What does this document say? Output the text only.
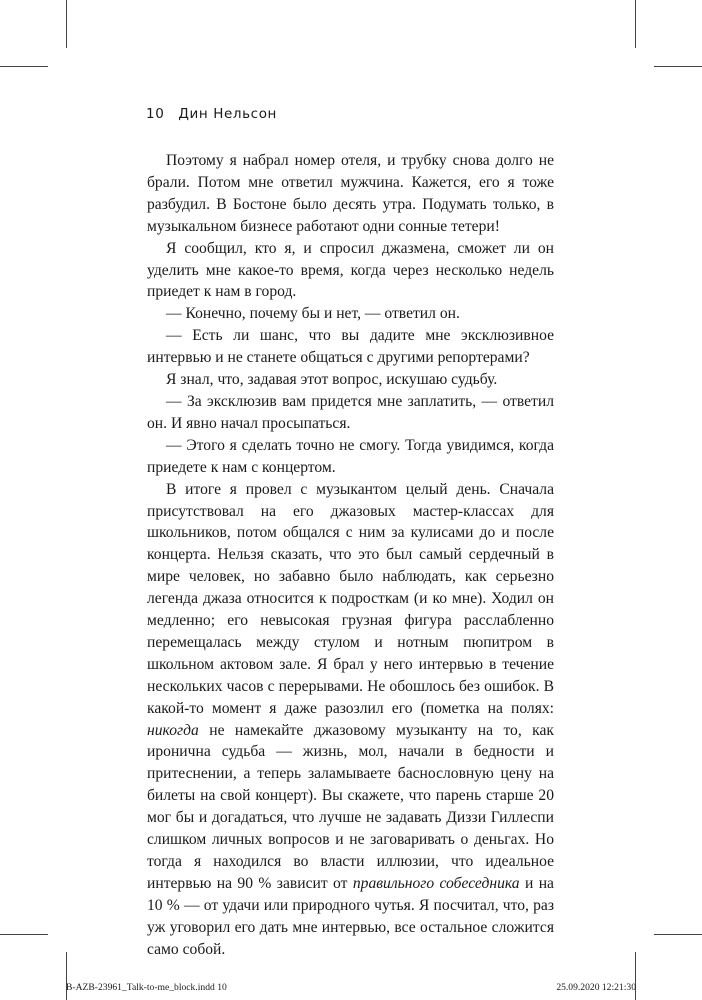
10 Дин Нельсон

Поэтому я набрал номер отеля, и трубку снова долго не брали. Потом мне ответил мужчина. Кажется, его я тоже разбудил. В Бостоне было десять утра. Подумать только, в музыкальном бизнесе работают одни сонные тетери!

Я сообщил, кто я, и спросил джазмена, сможет ли он уделить мне какое-то время, когда через несколько недель приедет к нам в город.

— Конечно, почему бы и нет, — ответил он.

— Есть ли шанс, что вы дадите мне эксклюзивное интервью и не станете общаться с другими репортерами?

Я знал, что, задавая этот вопрос, искушаю судьбу.

— За эксклюзив вам придется мне заплатить, — ответил он. И явно начал просыпаться.

— Этого я сделать точно не смогу. Тогда увидимся, когда приедете к нам с концертом.

В итоге я провел с музыкантом целый день. Сначала присутствовал на его джазовых мастер-классах для школьников, потом общался с ним за кулисами до и после концерта. Нельзя сказать, что это был самый сердечный в мире человек, но забавно было наблюдать, как серьезно легенда джаза относится к подросткам (и ко мне). Ходил он медленно; его невысокая грузная фигура расслабленно перемещалась между стулом и нотным пюпитром в школьном актовом зале. Я брал у него интервью в течение нескольких часов с перерывами. Не обошлось без ошибок. В какой-то момент я даже разозлил его (пометка на полях: никогда не намекайте джазовому музыканту на то, как иронична судьба — жизнь, мол, начали в бедности и притеснении, а теперь заламываете баснословную цену на билеты на свой концерт). Вы скажете, что парень старше 20 мог бы и догадаться, что лучше не задавать Диззи Гиллеспи слишком личных вопросов и не заговаривать о деньгах. Но тогда я находился во власти иллюзии, что идеальное интервью на 90 % зависит от правильного собеседника и на 10 % — от удачи или природного чутья. Я посчитал, что, раз уж уговорил его дать мне интервью, все остальное сложится само собой.

B-AZB-23961_Talk-to-me_block.indd 10	25.09.2020 12:21:30
